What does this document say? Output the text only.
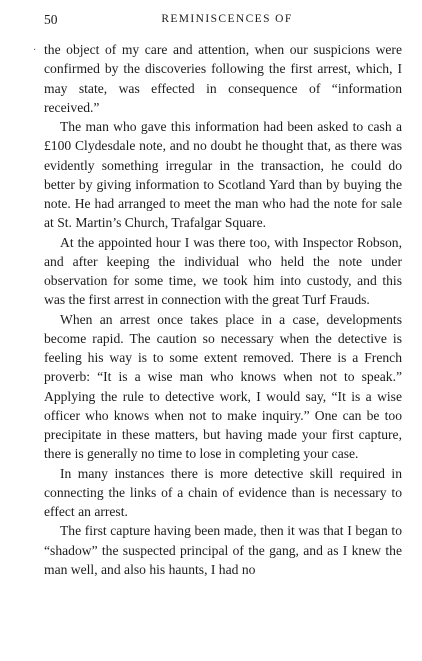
50	REMINISCENCES OF
· the object of my care and attention, when our suspicions were confirmed by the discoveries following the first arrest, which, I may state, was effected in consequence of “information received.”

The man who gave this information had been asked to cash a £100 Clydesdale note, and no doubt he thought that, as there was evidently something irregular in the transaction, he could do better by giving information to Scotland Yard than by buying the note. He had arranged to meet the man who had the note for sale at St. Martin’s Church, Trafalgar Square.

At the appointed hour I was there too, with Inspector Robson, and after keeping the individual who held the note under observation for some time, we took him into custody, and this was the first arrest in connection with the great Turf Frauds.

When an arrest once takes place in a case, developments become rapid. The caution so necessary when the detective is feeling his way is to some extent removed. There is a French proverb: “It is a wise man who knows when not to speak.” Applying the rule to detective work, I would say, “It is a wise officer who knows when not to make inquiry.” One can be too precipitate in these matters, but having made your first capture, there is generally no time to lose in completing your case.

In many instances there is more detective skill required in connecting the links of a chain of evidence than is necessary to effect an arrest.

The first capture having been made, then it was that I began to “shadow” the suspected principal of the gang, and as I knew the man well, and also his haunts, I had no
